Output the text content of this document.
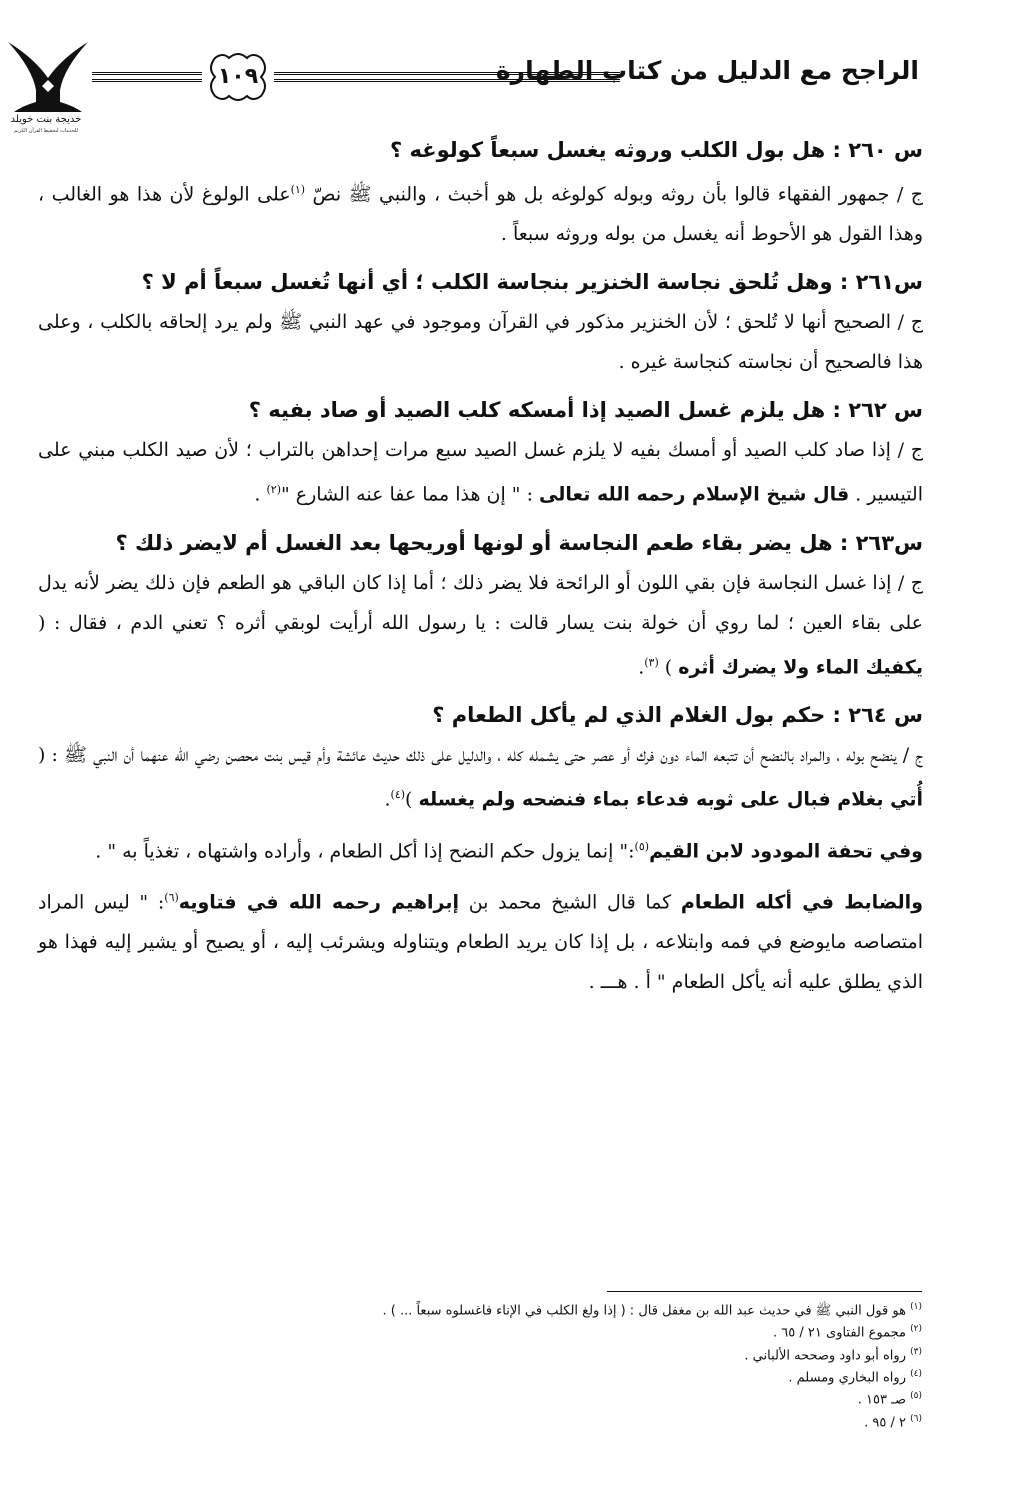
خديجة بنت خويلد
للخدمات لتحفيظ القرآن الكريم
١٠٩	الراجح مع الدليل من كتاب الطهارة

س ٢٦٠ : هل بول الكلب وروثه يغسل سبعاً كولوغه ؟

ج / جمهور الفقهاء قالوا بأن روثه وبوله كولوغه بل هو أخبث ، والنبي ﷺ نصّ $^{(١)}$على الولوغ لأن هذا هو الغالب ، وهذا القول هو الأحوط أنه يغسل من بوله وروثه سبعاً .

س٢٦١ : وهل تُلحق نجاسة الخنزير بنجاسة الكلب ؛ أي أنها تُغسل سبعاً أم لا ؟

ج / الصحيح أنها لا تُلحق ؛ لأن الخنزير مذكور في القرآن وموجود في عهد النبي ﷺ ولم يرد إلحاقه بالكلب ، وعلى هذا فالصحيح أن نجاسته كنجاسة غيره .

س ٢٦٢ : هل يلزم غسل الصيد إذا أمسكه كلب الصيد أو صاد بفيه ؟

ج / إذا صاد كلب الصيد أو أمسك بفيه لا يلزم غسل الصيد سبع مرات إحداهن بالتراب ؛ لأن صيد الكلب مبني على التيسير . قال شيخ الإسلام رحمه الله تعالى : " إن هذا مما عفا عنه الشارع "$^{(٢)}$ .

س٢٦٣ : هل يضر بقاء طعم النجاسة أو لونها أوريحها بعد الغسل أم لايضر ذلك ؟

ج / إذا غسل النجاسة فإن بقي اللون أو الرائحة فلا يضر ذلك ؛ أما إذا كان الباقي هو الطعم فإن ذلك يضر لأنه يدل على بقاء العين ؛ لما روي أن خولة بنت يسار قالت : يا رسول الله أرأيت لوبقي أثره ؟ تعني الدم ، فقال : ( يكفيك الماء ولا يضرك أثره ) $^{(٣)}$.

س ٢٦٤ : حكم بول الغلام الذي لم يأكل الطعام ؟

ج / ينضح بوله ، والمراد بالنضح أن تتبعه الماء دون فرك أو عصر حتى يشمله كله ، والدليل على ذلك حديث عائشة وأم قيس بنت محصن رضي الله عنهما أن النبي ﷺ : ( أُتي بغلام فبال على ثوبه فدعاء بماء فنضحه ولم يغسله )$^{(٤)}$.

وفي تحفة المودود لابن القيم$^{(٥)}$:" إنما يزول حكم النضح إذا أكل الطعام ، وأراده واشتهاه ، تغذياً به " .

والضابط في أكله الطعام كما قال الشيخ محمد بن إبراهيم رحمه الله في فتاويه$^{(٦)}$: " ليس المراد امتصاصه مايوضع في فمه وابتلاعه ، بل إذا كان يريد الطعام ويتناوله ويشرئب إليه ، أو يصيح أو يشير إليه فهذا هو الذي يطلق عليه أنه يأكل الطعام " أ . هـــ .

$^{(١)}$ هو قول النبي ﷺ في حديث عبد الله بن مغفل قال : ( إذا ولغ الكلب في الإناء فاغسلوه سبعاً ... ) .
$^{(٢)}$ مجموع الفتاوى ٢١ / ٦٥ .
$^{(٣)}$ رواه أبو داود وصححه الألباني .
$^{(٤)}$ رواه البخاري ومسلم .
$^{(٥)}$ صـ ١٥٣ .
$^{(٦)}$ ٢ / ٩٥ .
